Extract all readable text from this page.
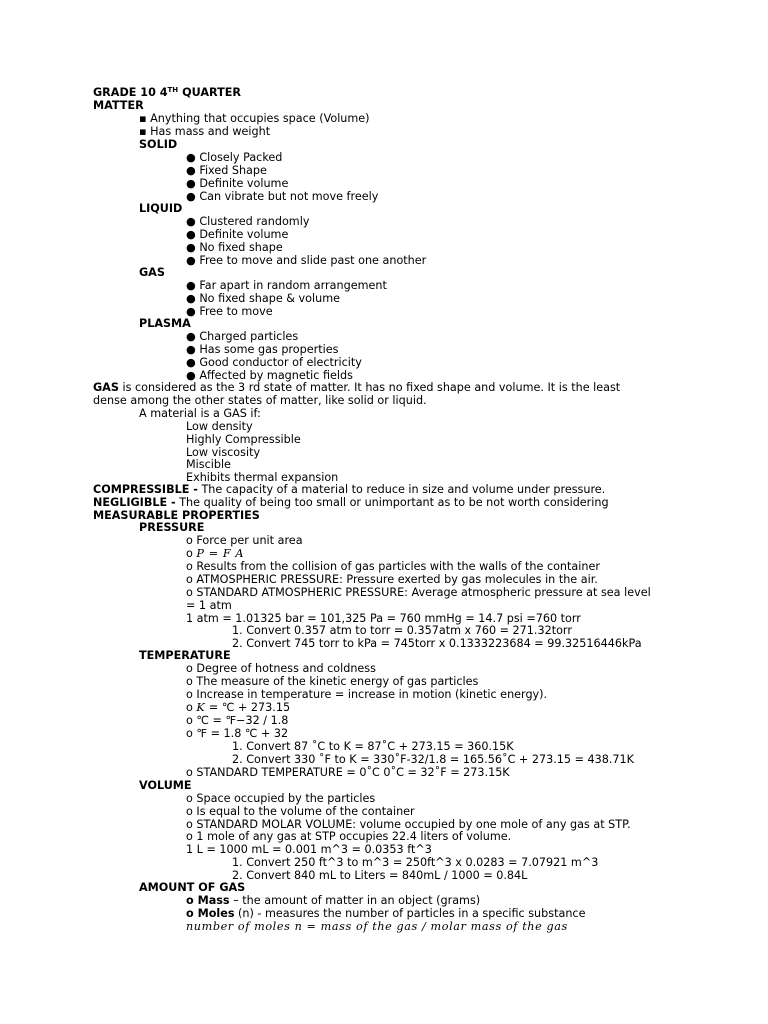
GRADE 10 4TH QUARTER
MATTER
▪ Anything that occupies space (Volume)
▪ Has mass and weight
SOLID
● Closely Packed
● Fixed Shape
● Definite volume
● Can vibrate but not move freely
LIQUID
● Clustered randomly
● Definite volume
● No fixed shape
● Free to move and slide past one another
GAS
● Far apart in random arrangement
● No fixed shape & volume
● Free to move
PLASMA
● Charged particles
● Has some gas properties
● Good conductor of electricity
● Affected by magnetic fields
GAS is considered as the 3 rd state of matter. It has no fixed shape and volume. It is the least
dense among the other states of matter, like solid or liquid.
A material is a GAS if:
Low density
Highly Compressible
Low viscosity
Miscible
Exhibits thermal expansion
COMPRESSIBLE - The capacity of a material to reduce in size and volume under pressure.
NEGLIGIBLE - The quality of being too small or unimportant as to be not worth considering
MEASURABLE PROPERTIES
PRESSURE
o Force per unit area
o P = F A
o Results from the collision of gas particles with the walls of the container
o ATMOSPHERIC PRESSURE: Pressure exerted by gas molecules in the air.
o STANDARD ATMOSPHERIC PRESSURE: Average atmospheric pressure at sea level
= 1 atm
1 atm = 1.01325 bar = 101,325 Pa = 760 mmHg = 14.7 psi =760 torr
1. Convert 0.357 atm to torr = 0.357atm x 760 = 271.32torr
2. Convert 745 torr to kPa = 745torr x 0.1333223684 = 99.32516446kPa
TEMPERATURE
o Degree of hotness and coldness
o The measure of the kinetic energy of gas particles
o Increase in temperature = increase in motion (kinetic energy).
o K = ℃ + 273.15
o ℃ = ℉−32 / 1.8
o ℉ = 1.8 ℃ + 32
1. Convert 87 ˚C to K = 87˚C + 273.15 = 360.15K
2. Convert 330 ˚F to K = 330˚F-32/1.8 = 165.56˚C + 273.15 = 438.71K
o STANDARD TEMPERATURE = 0˚C 0˚C = 32˚F = 273.15K
VOLUME
o Space occupied by the particles
o Is equal to the volume of the container
o STANDARD MOLAR VOLUME: volume occupied by one mole of any gas at STP.
o 1 mole of any gas at STP occupies 22.4 liters of volume.
1 L = 1000 mL = 0.001 m^3 = 0.0353 ft^3
1. Convert 250 ft^3 to m^3 = 250ft^3 x 0.0283 = 7.07921 m^3
2. Convert 840 mL to Liters = 840mL / 1000 = 0.84L
AMOUNT OF GAS
o Mass – the amount of matter in an object (grams)
o Moles (n) - measures the number of particles in a specific substance
number of moles n = mass of the gas / molar mass of the gas
